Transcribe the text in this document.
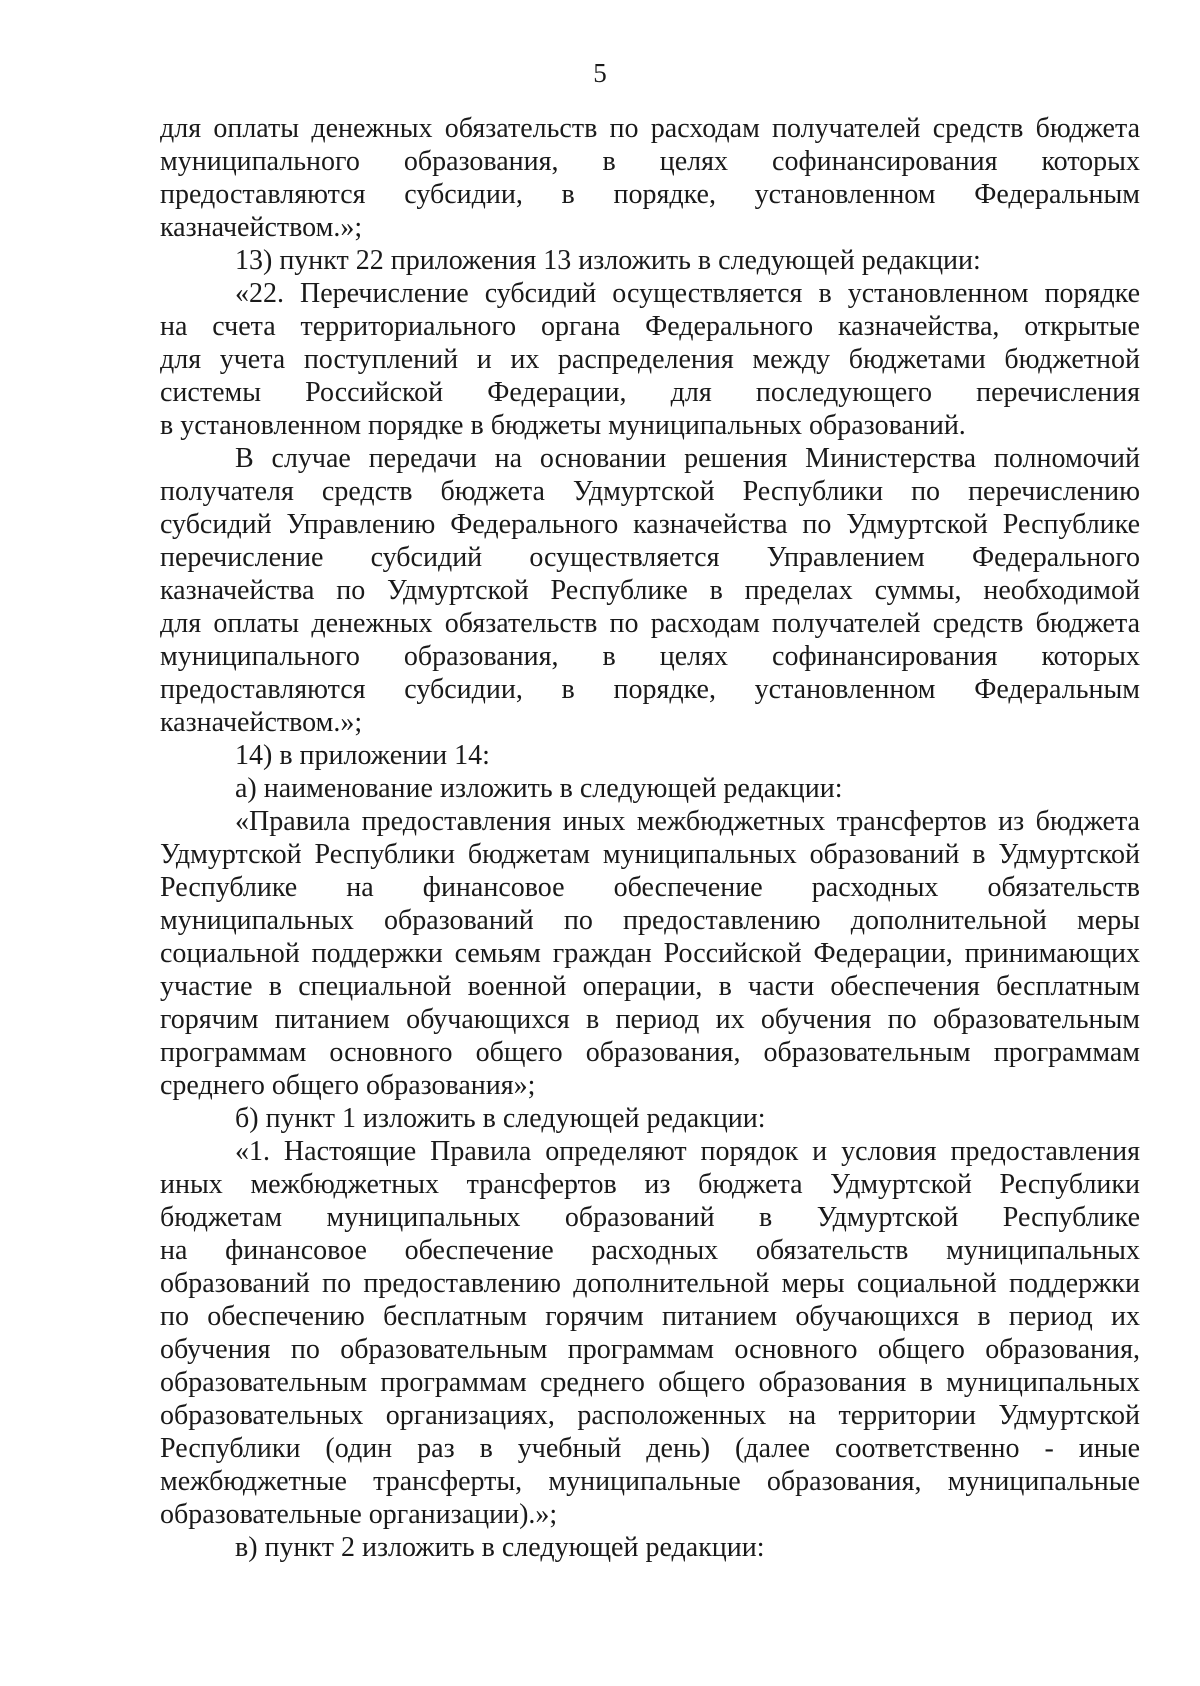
5
для оплаты денежных обязательств по расходам получателей средств бюджета
муниципального образования, в целях софинансирования которых
предоставляются субсидии, в порядке, установленном Федеральным
казначейством.»;
13) пункт 22 приложения 13 изложить в следующей редакции:
«22. Перечисление субсидий осуществляется в установленном порядке
на счета территориального органа Федерального казначейства, открытые
для учета поступлений и их распределения между бюджетами бюджетной
системы Российской Федерации, для последующего перечисления
в установленном порядке в бюджеты муниципальных образований.
В случае передачи на основании решения Министерства полномочий
получателя средств бюджета Удмуртской Республики по перечислению
субсидий Управлению Федерального казначейства по Удмуртской Республике
перечисление субсидий осуществляется Управлением Федерального
казначейства по Удмуртской Республике в пределах суммы, необходимой
для оплаты денежных обязательств по расходам получателей средств бюджета
муниципального образования, в целях софинансирования которых
предоставляются субсидии, в порядке, установленном Федеральным
казначейством.»;
14) в приложении 14:
а) наименование изложить в следующей редакции:
«Правила предоставления иных межбюджетных трансфертов из бюджета
Удмуртской Республики бюджетам муниципальных образований в Удмуртской
Республике на финансовое обеспечение расходных обязательств
муниципальных образований по предоставлению дополнительной меры
социальной поддержки семьям граждан Российской Федерации, принимающих
участие в специальной военной операции, в части обеспечения бесплатным
горячим питанием обучающихся в период их обучения по образовательным
программам основного общего образования, образовательным программам
среднего общего образования»;
б) пункт 1 изложить в следующей редакции:
«1. Настоящие Правила определяют порядок и условия предоставления
иных межбюджетных трансфертов из бюджета Удмуртской Республики
бюджетам муниципальных образований в Удмуртской Республике
на финансовое обеспечение расходных обязательств муниципальных
образований по предоставлению дополнительной меры социальной поддержки
по обеспечению бесплатным горячим питанием обучающихся в период их
обучения по образовательным программам основного общего образования,
образовательным программам среднего общего образования в муниципальных
образовательных организациях, расположенных на территории Удмуртской
Республики (один раз в учебный день) (далее соответственно - иные
межбюджетные трансферты, муниципальные образования, муниципальные
образовательные организации).»;
в) пункт 2 изложить в следующей редакции:
